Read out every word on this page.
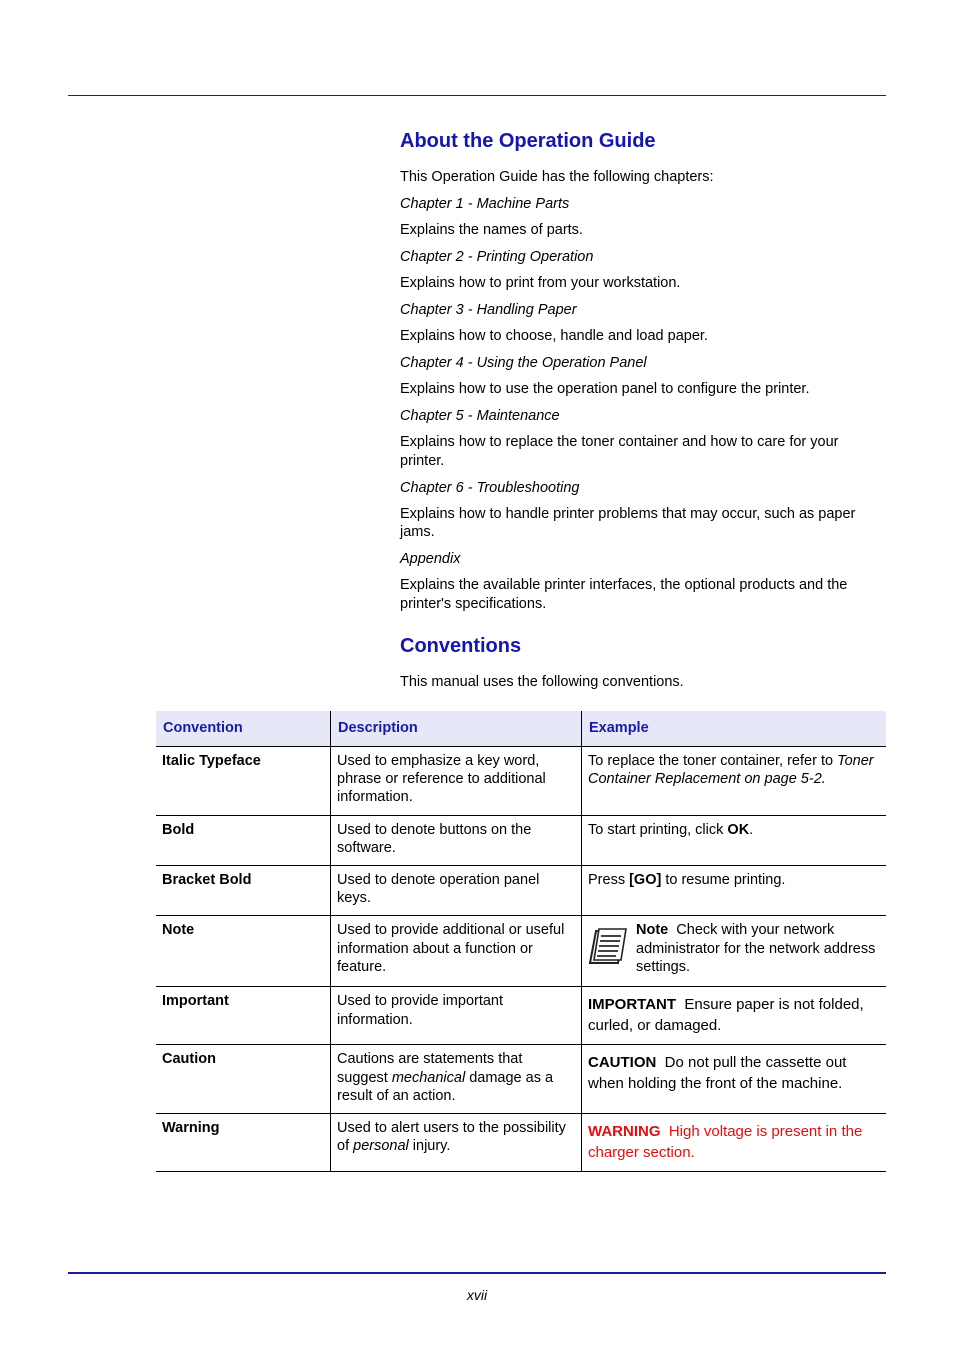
About the Operation Guide

This Operation Guide has the following chapters:

Chapter 1 - Machine Parts

Explains the names of parts.

Chapter 2 - Printing Operation

Explains how to print from your workstation.

Chapter 3 - Handling Paper

Explains how to choose, handle and load paper.

Chapter 4 - Using the Operation Panel

Explains how to use the operation panel to configure the printer.

Chapter 5 - Maintenance

Explains how to replace the toner container and how to care for your printer.

Chapter 6 - Troubleshooting

Explains how to handle printer problems that may occur, such as paper jams.

Appendix

Explains the available printer interfaces, the optional products and the printer's specifications.

Conventions

This manual uses the following conventions.

Convention	Description	Example
Italic Typeface	Used to emphasize a key word, phrase or reference to additional information.	To replace the toner container, refer to Toner Container Replacement on page 5-2.
Bold	Used to denote buttons on the software.	To start printing, click OK.
Bracket Bold	Used to denote operation panel keys.	Press [GO] to resume printing.
Note	Used to provide additional or useful information about a function or feature.	Note Check with your network administrator for the network address settings.

Important	Used to provide important information.	IMPORTANT Ensure paper is not folded, curled, or damaged.

Caution	Cautions are statements that suggest mechanical damage as a result of an action.	CAUTION Do not pull the cassette out when holding the front of the machine.

Warning	Used to alert users to the possibility of personal injury.	WARNING High voltage is present in the charger section.
xvii
